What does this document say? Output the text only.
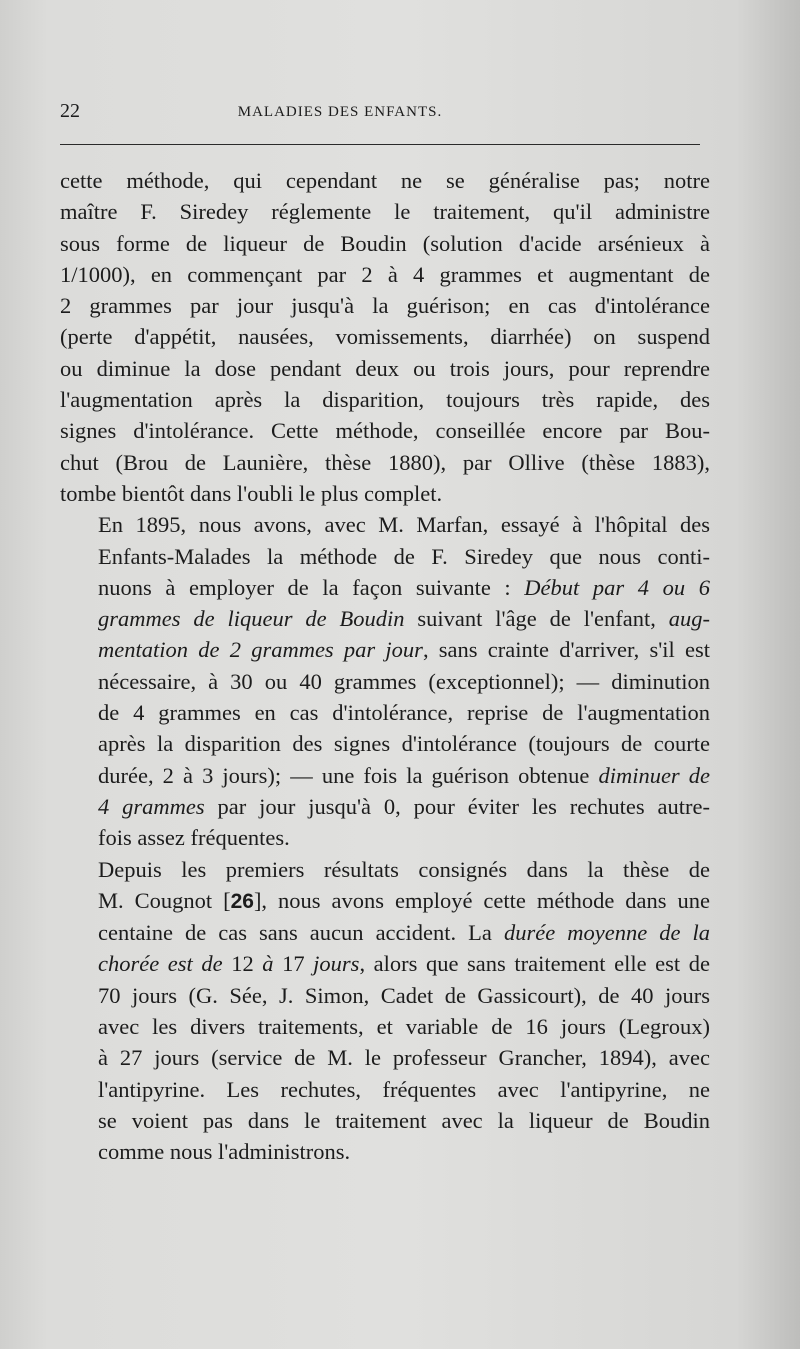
22	MALADIES DES ENFANTS.

cette méthode, qui cependant ne se généralise pas; notre
maître F. Siredey réglemente le traitement, qu'il administre
sous forme de liqueur de Boudin (solution d'acide arsénieux à
1/1000), en commençant par 2 à 4 grammes et augmentant de
2 grammes par jour jusqu'à la guérison; en cas d'intolérance
(perte d'appétit, nausées, vomissements, diarrhée) on suspend
ou diminue la dose pendant deux ou trois jours, pour reprendre
l'augmentation après la disparition, toujours très rapide, des
signes d'intolérance. Cette méthode, conseillée encore par Bou-
chut (Brou de Launière, thèse 1880), par Ollive (thèse 1883),
tombe bientôt dans l'oubli le plus complet.

En 1895, nous avons, avec M. Marfan, essayé à l'hôpital des
Enfants-Malades la méthode de F. Siredey que nous conti-
nuons à employer de la façon suivante : Début par 4 ou 6
grammes de liqueur de Boudin suivant l'âge de l'enfant, aug-
mentation de 2 grammes par jour, sans crainte d'arriver, s'il est
nécessaire, à 30 ou 40 grammes (exceptionnel); — diminution
de 4 grammes en cas d'intolérance, reprise de l'augmentation
après la disparition des signes d'intolérance (toujours de courte
durée, 2 à 3 jours); — une fois la guérison obtenue diminuer de
4 grammes par jour jusqu'à 0, pour éviter les rechutes autre-
fois assez fréquentes.

Depuis les premiers résultats consignés dans la thèse de
M. Cougnot [26], nous avons employé cette méthode dans une
centaine de cas sans aucun accident. La durée moyenne de la
chorée est de 12 à 17 jours, alors que sans traitement elle est de
70 jours (G. Sée, J. Simon, Cadet de Gassicourt), de 40 jours
avec les divers traitements, et variable de 16 jours (Legroux)
à 27 jours (service de M. le professeur Grancher, 1894), avec
l'antipyrine. Les rechutes, fréquentes avec l'antipyrine, ne
se voient pas dans le traitement avec la liqueur de Boudin
comme nous l'administrons.
